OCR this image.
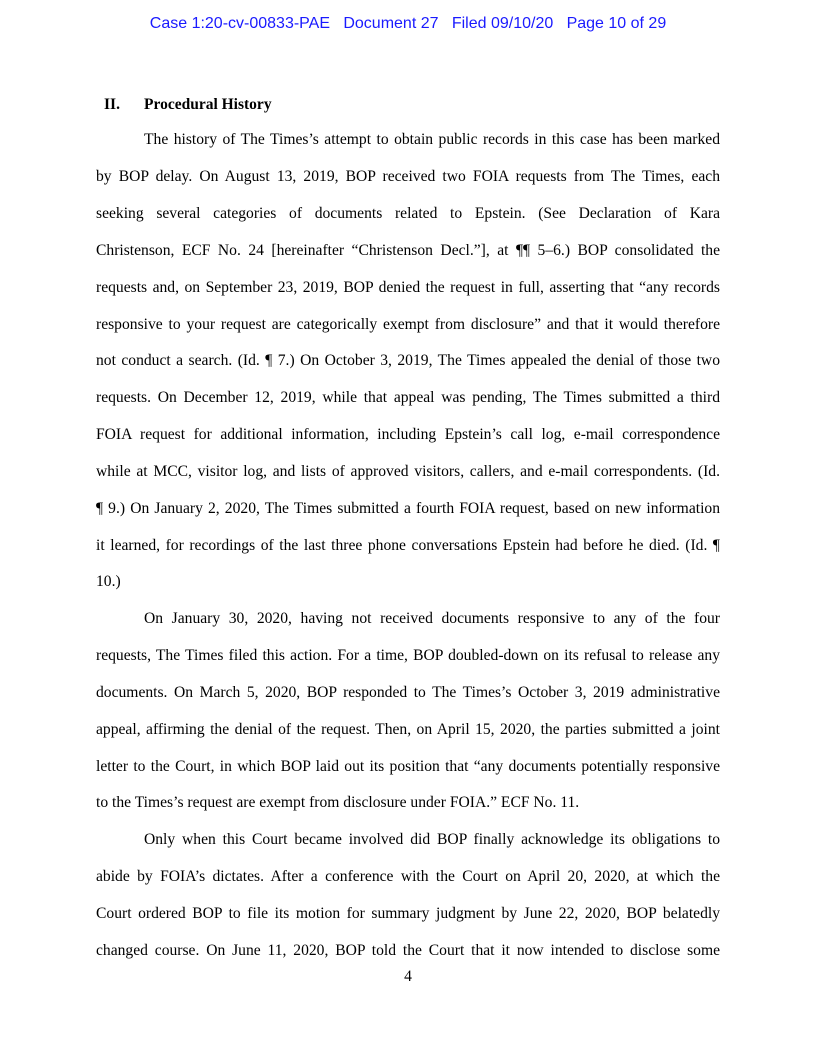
Case 1:20-cv-00833-PAE   Document 27   Filed 09/10/20   Page 10 of 29
II. Procedural History
The history of The Times’s attempt to obtain public records in this case has been marked
by BOP delay. On August 13, 2019, BOP received two FOIA requests from The Times, each
seeking several categories of documents related to Epstein. (See Declaration of Kara
Christenson, ECF No. 24 [hereinafter “Christenson Decl.”], at ¶¶ 5–6.) BOP consolidated the
requests and, on September 23, 2019, BOP denied the request in full, asserting that “any records
responsive to your request are categorically exempt from disclosure” and that it would therefore
not conduct a search. (Id. ¶ 7.) On October 3, 2019, The Times appealed the denial of those two
requests. On December 12, 2019, while that appeal was pending, The Times submitted a third
FOIA request for additional information, including Epstein’s call log, e-mail correspondence
while at MCC, visitor log, and lists of approved visitors, callers, and e-mail correspondents. (Id.
¶ 9.) On January 2, 2020, The Times submitted a fourth FOIA request, based on new information
it learned, for recordings of the last three phone conversations Epstein had before he died. (Id. ¶
10.)
On January 30, 2020, having not received documents responsive to any of the four
requests, The Times filed this action. For a time, BOP doubled-down on its refusal to release any
documents. On March 5, 2020, BOP responded to The Times’s October 3, 2019 administrative
appeal, affirming the denial of the request. Then, on April 15, 2020, the parties submitted a joint
letter to the Court, in which BOP laid out its position that “any documents potentially responsive
to the Times’s request are exempt from disclosure under FOIA.” ECF No. 11.
Only when this Court became involved did BOP finally acknowledge its obligations to
abide by FOIA’s dictates. After a conference with the Court on April 20, 2020, at which the
Court ordered BOP to file its motion for summary judgment by June 22, 2020, BOP belatedly
changed course. On June 11, 2020, BOP told the Court that it now intended to disclose some
4
